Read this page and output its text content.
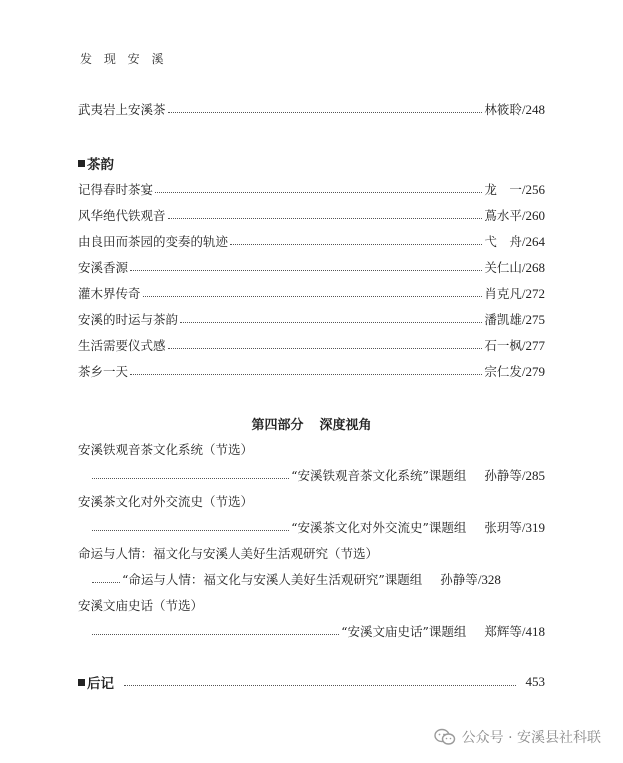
发 现 安 溪
武夷岩上安溪茶	林筱聆 /248
茶韵
记得春时茶宴	龙　一 /256
风华绝代铁观音	蔦水平 /260
由良田而茶园的变奏的轨迹	弋　舟 /264
安溪香源	关仁山 /268
灌木界传奇	肖克凡 /272
安溪的时运与茶韵	潘凯雄 /275
生活需要仪式感	石一枫 /277
茶乡一天	宗仁发 /279
第四部分 深度视角
安溪铁观音茶文化系统（节选）
“安溪铁观音茶文化系统”课题组 孙静等 /285
安溪茶文化对外交流史（节选）
“安溪茶文化对外交流史”课题组 张玥等 /319
命运与人情：福文化与安溪人美好生活观研究（节选）
“命运与人情：福文化与安溪人美好生活观研究”课题组 孙静等 /328
安溪文庙史话（节选）
“安溪文庙史话”课题组 郑辉等 /418
后记	453
公众号 · 安溪县社科联
